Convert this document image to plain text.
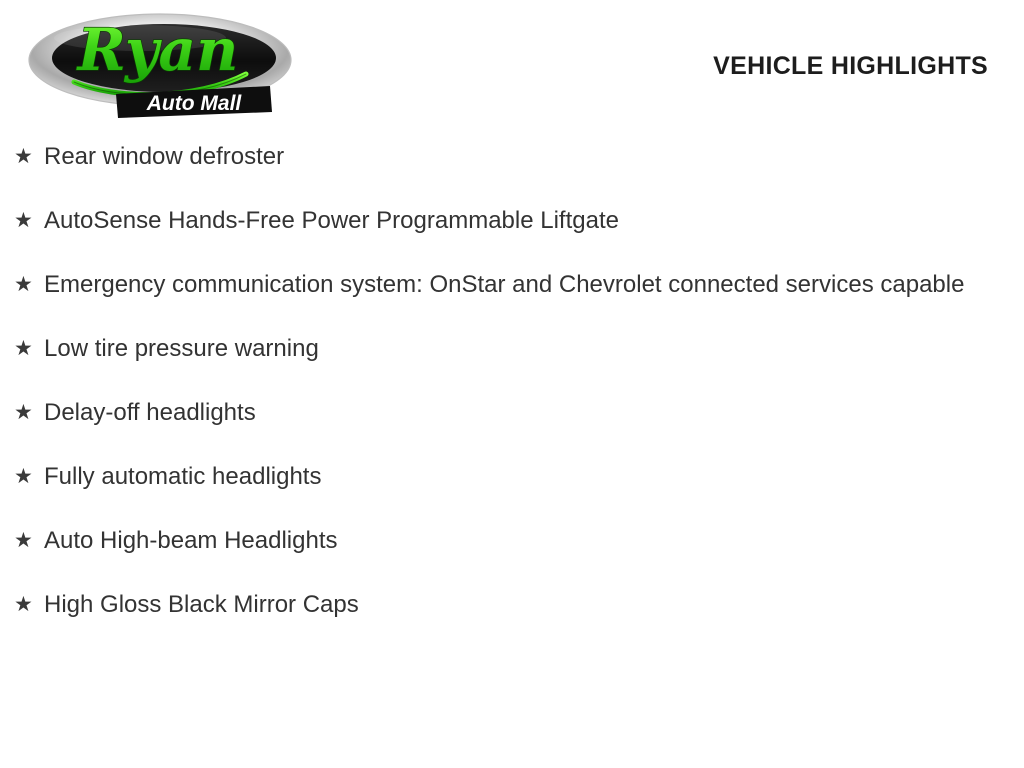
Ryan
Auto Mall
VEHICLE HIGHLIGHTS
★ Rear window defroster
★ AutoSense Hands-Free Power Programmable Liftgate
★ Emergency communication system: OnStar and Chevrolet connected services capable
★ Low tire pressure warning
★ Delay-off headlights
★ Fully automatic headlights
★ Auto High-beam Headlights
★ High Gloss Black Mirror Caps
